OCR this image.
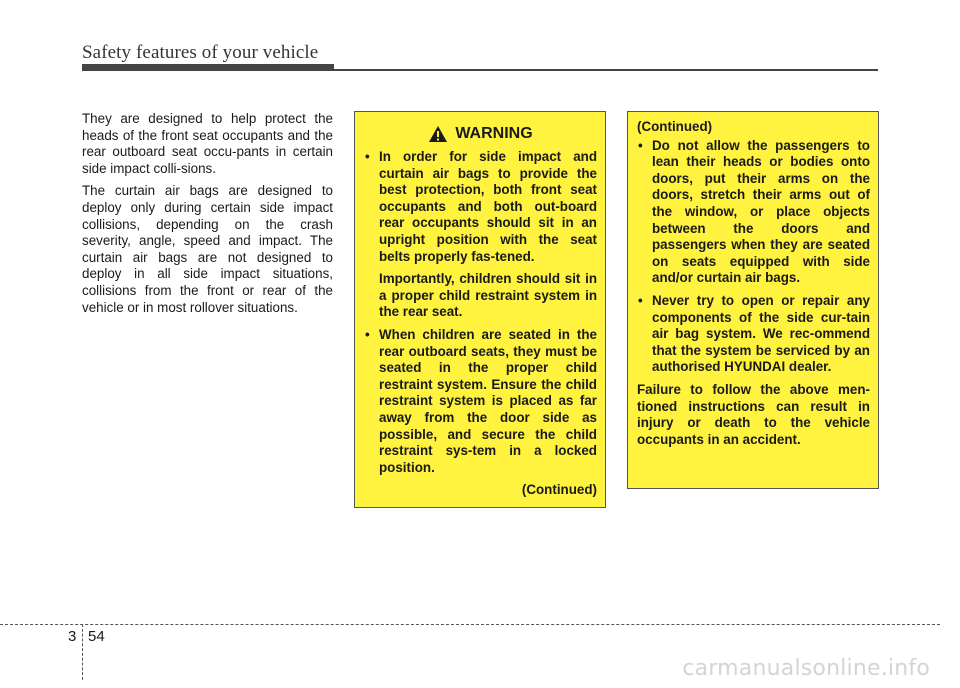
Safety features of your vehicle

They are designed to help protect the heads of the front seat occupants and the rear outboard seat occu-pants in certain side impact colli-sions.

The curtain air bags are designed to deploy only during certain side impact collisions, depending on the crash severity, angle, speed and impact. The curtain air bags are not designed to deploy in all side impact situations, collisions from the front or rear of the vehicle or in most rollover situations.

WARNING
• In order for side impact and curtain air bags to provide the best protection, both front seat occupants and both out-board rear occupants should sit in an upright position with the seat belts properly fas-tened.
Importantly, children should sit in a proper child restraint system in the rear seat.
• When children are seated in the rear outboard seats, they must be seated in the proper child restraint system. Ensure the child restraint system is placed as far away from the door side as possible, and secure the child restraint sys-tem in a locked position.
(Continued)
(Continued)
• Do not allow the passengers to lean their heads or bodies onto doors, put their arms on the doors, stretch their arms out of the window, or place objects between the doors and passengers when they are seated on seats equipped with side and/or curtain air bags.
• Never try to open or repair any components of the side cur-tain air bag system. We rec-ommend that the system be serviced by an authorised HYUNDAI dealer.
Failure to follow the above men-tioned instructions can result in injury or death to the vehicle occupants in an accident.
3 54
carmanualsonline.info
